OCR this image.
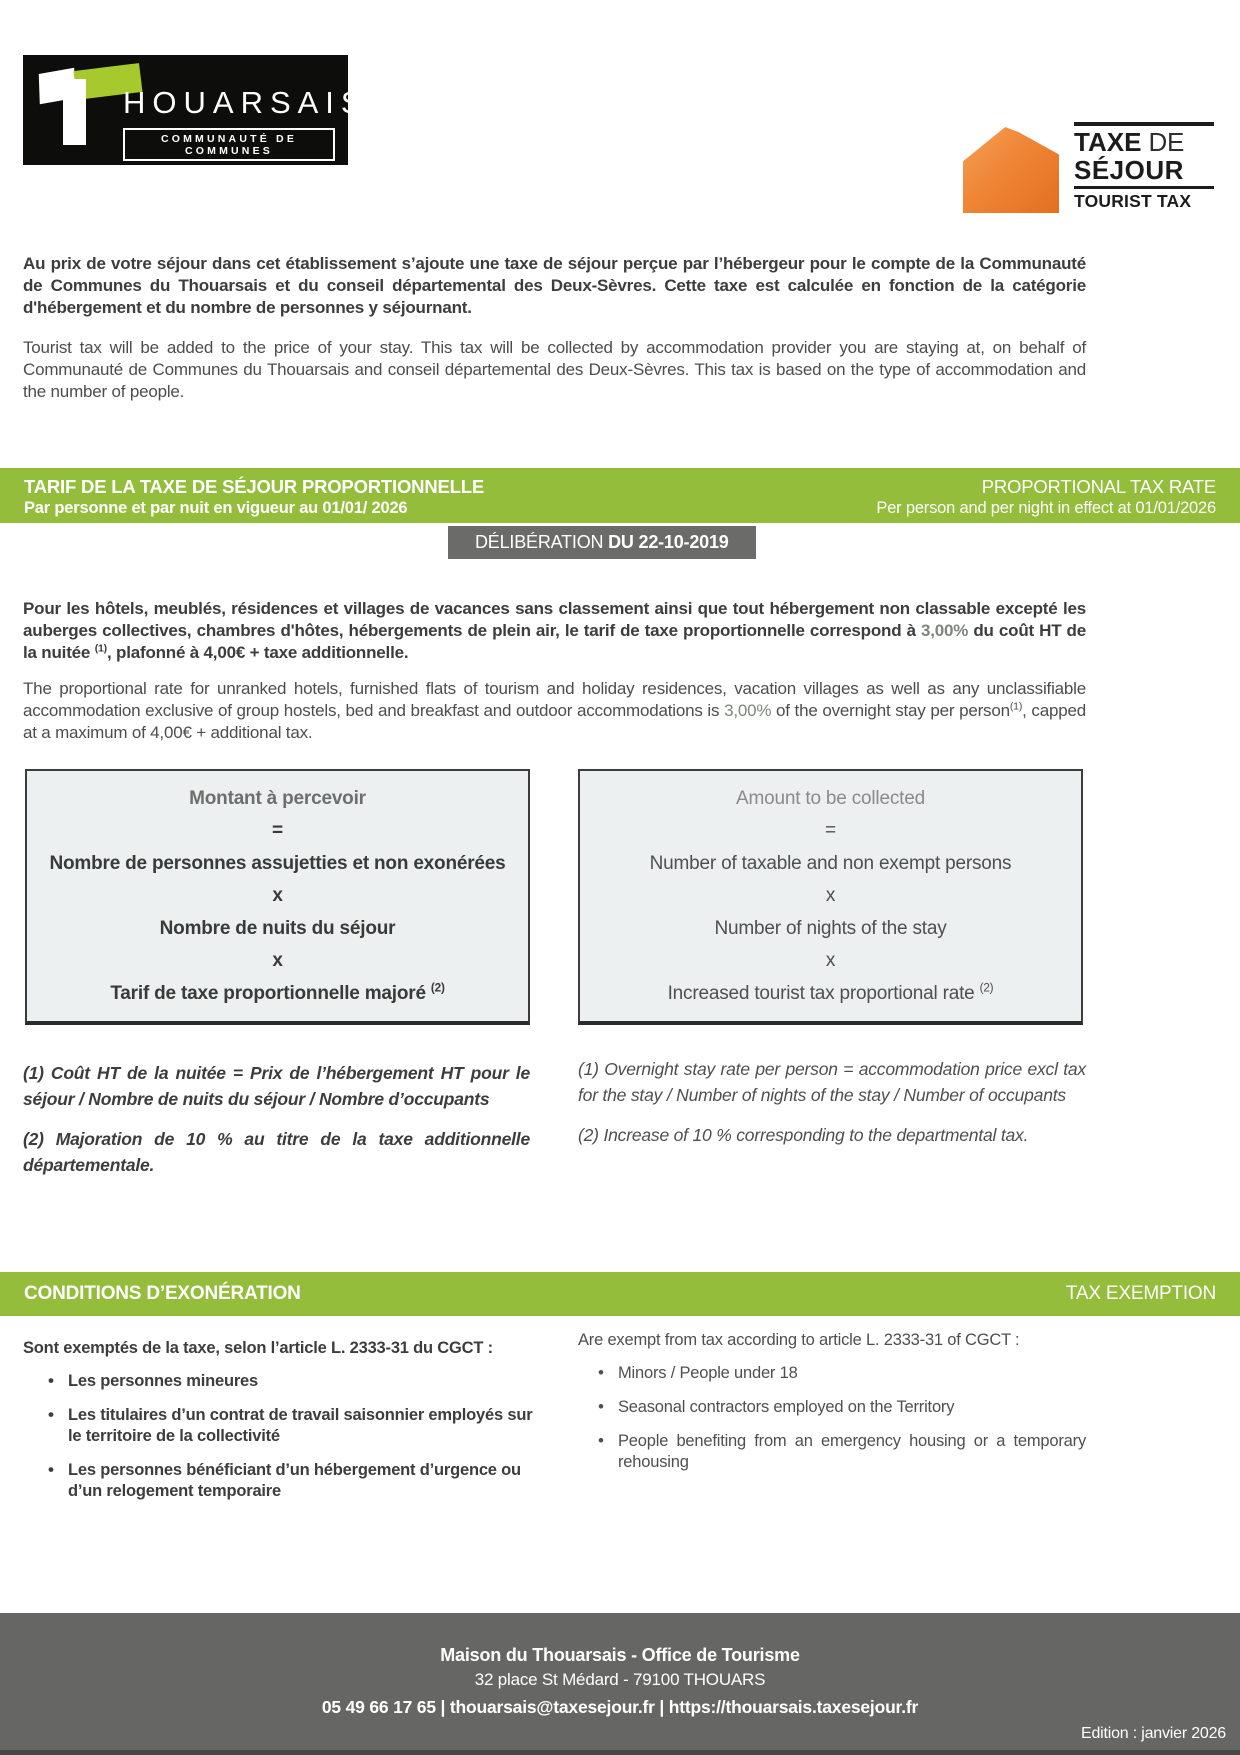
HOUARSAIS
COMMUNAUTÉ DE COMMUNES	TAXE DE
SÉJOUR
TOURIST TAX

Au prix de votre séjour dans cet établissement s’ajoute une taxe de séjour perçue par l’hébergeur pour le compte de la Communauté de Communes du Thouarsais et du conseil départemental des Deux-Sèvres. Cette taxe est calculée en fonction de la catégorie d'hébergement et du nombre de personnes y séjournant.

Tourist tax will be added to the price of your stay. This tax will be collected by accommodation provider you are staying at, on behalf of Communauté de Communes du Thouarsais and conseil départemental des Deux-Sèvres. This tax is based on the type of accommodation and the number of people.

TARIF DE LA TAXE DE SÉJOUR PROPORTIONNELLE
Par personne et par nuit en vigueur au 01/01/ 2026
PROPORTIONAL TAX RATE
Per person and per night in effect at 01/01/2026
DÉLIBÉRATION DU 22-10-2019

Pour les hôtels, meublés, résidences et villages de vacances sans classement ainsi que tout hébergement non classable excepté les auberges collectives, chambres d'hôtes, hébergements de plein air, le tarif de taxe proportionnelle correspond à 3,00% du coût HT de la nuitée $^{(1)}$, plafonné à 4,00€ + taxe additionnelle.

The proportional rate for unranked hotels, furnished flats of tourism and holiday residences, vacation villages as well as any unclassifiable accommodation exclusive of group hostels, bed and breakfast and outdoor accommodations is 3,00% of the overnight stay per person$^{(1)}$, capped at a maximum of 4,00€ + additional tax.

Montant à percevoir
=
Nombre de personnes assujetties et non exonérées
x
Nombre de nuits du séjour
x
Tarif de taxe proportionnelle majoré $^{(2)}$
Amount to be collected
=
Number of taxable and non exempt persons
x
Number of nights of the stay
x
Increased tourist tax proportional rate $^{(2)}$

(1) Coût HT de la nuitée = Prix de l’hébergement HT pour le séjour / Nombre de nuits du séjour / Nombre d’occupants

(2) Majoration de 10 % au titre de la taxe additionnelle départementale.

(1) Overnight stay rate per person = accommodation price excl tax for the stay / Number of nights of the stay / Number of occupants

(2) Increase of 10 % corresponding to the departmental tax.

CONDITIONS D’EXONÉRATION	TAX EXEMPTION
Sont exemptés de la taxe, selon l’article L. 2333-31 du CGCT :
• Les personnes mineures
• Les titulaires d’un contrat de travail saisonnier employés sur le territoire de la collectivité
• Les personnes bénéficiant d’un hébergement d’urgence ou d’un relogement temporaire
Are exempt from tax according to article L. 2333-31 of CGCT :
• Minors / People under 18
• Seasonal contractors employed on the Territory
• People benefiting from an emergency housing or a temporary rehousing
Maison du Thouarsais - Office de Tourisme
32 place St Médard - 79100 THOUARS
05 49 66 17 65 | thouarsais@taxesejour.fr | https://thouarsais.taxesejour.fr
Edition : janvier 2026
